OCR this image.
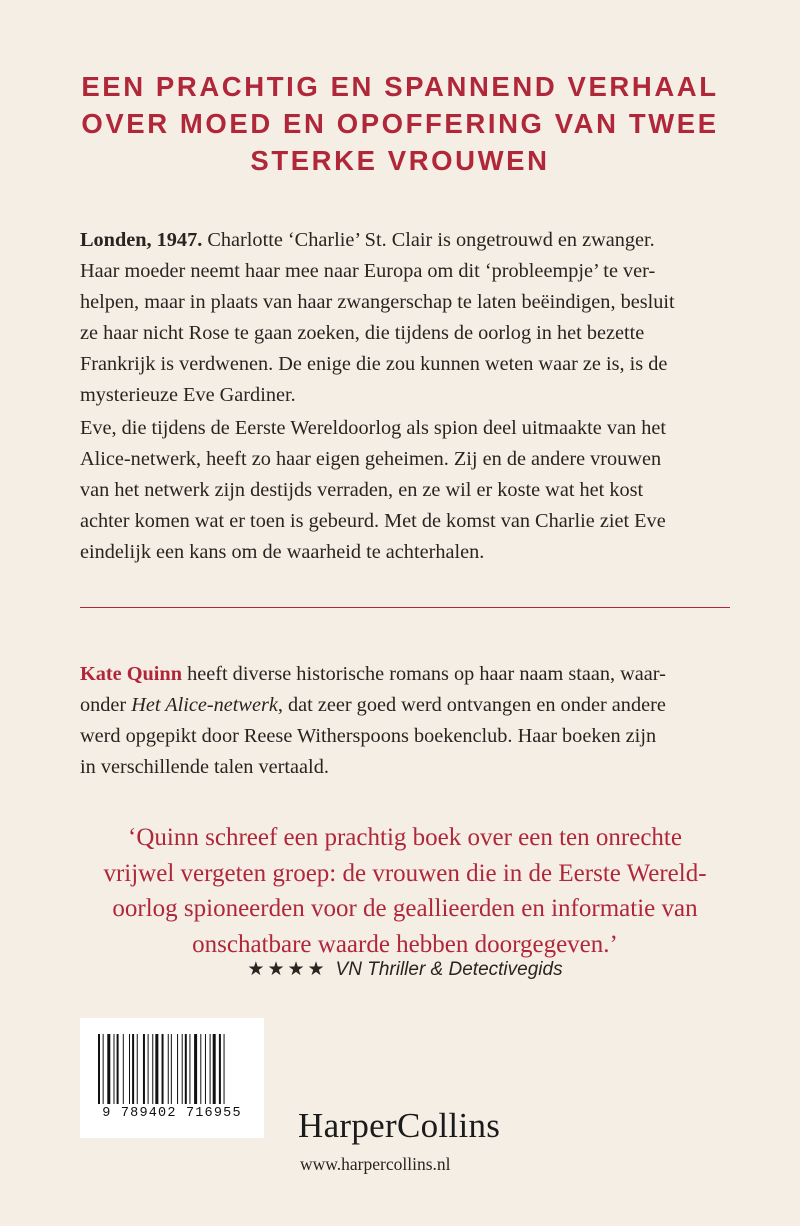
EEN PRACHTIG EN SPANNEND VERHAAL
OVER MOED EN OPOFFERING VAN TWEE
STERKE VROUWEN

Londen, 1947. Charlotte ‘Charlie’ St. Clair is ongetrouwd en zwanger.
Haar moeder neemt haar mee naar Europa om dit ‘probleempje’ te ver-
helpen, maar in plaats van haar zwangerschap te laten beëindigen, besluit
ze haar nicht Rose te gaan zoeken, die tijdens de oorlog in het bezette
Frankrijk is verdwenen. De enige die zou kunnen weten waar ze is, is de
mysterieuze Eve Gardiner.

Eve, die tijdens de Eerste Wereldoorlog als spion deel uitmaakte van het
Alice-netwerk, heeft zo haar eigen geheimen. Zij en de andere vrouwen
van het netwerk zijn destijds verraden, en ze wil er koste wat het kost
achter komen wat er toen is gebeurd. Met de komst van Charlie ziet Eve
eindelijk een kans om de waarheid te achterhalen.

Kate Quinn heeft diverse historische romans op haar naam staan, waar-
onder Het Alice-netwerk, dat zeer goed werd ontvangen en onder andere
werd opgepikt door Reese Witherspoons boekenclub. Haar boeken zijn
in verschillende talen vertaald.

‘Quinn schreef een prachtig boek over een ten onrechte
vrijwel vergeten groep: de vrouwen die in de Eerste Wereld-
oorlog spioneerden voor de geallieerden en informatie van
onschatbare waarde hebben doorgegeven.’

★★★★ VN Thriller & Detectivegids
9 789402 716955	HarperCollins
www.harpercollins.nl
